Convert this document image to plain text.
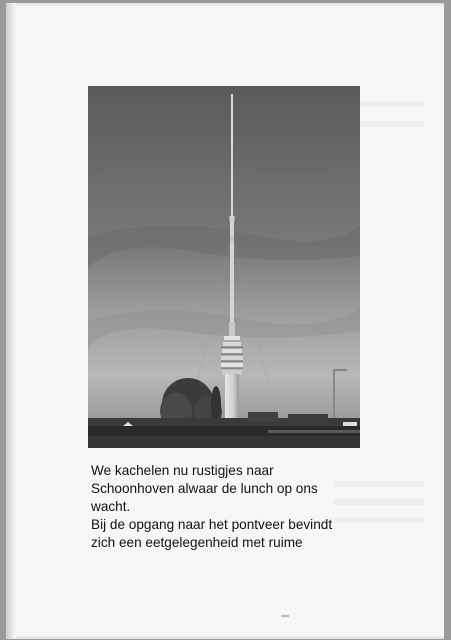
We kachelen nu rustigjes naar
Schoonhoven alwaar de lunch op ons
wacht.
Bij de opgang naar het pontveer bevindt
zich een eetgelegenheid met ruime
